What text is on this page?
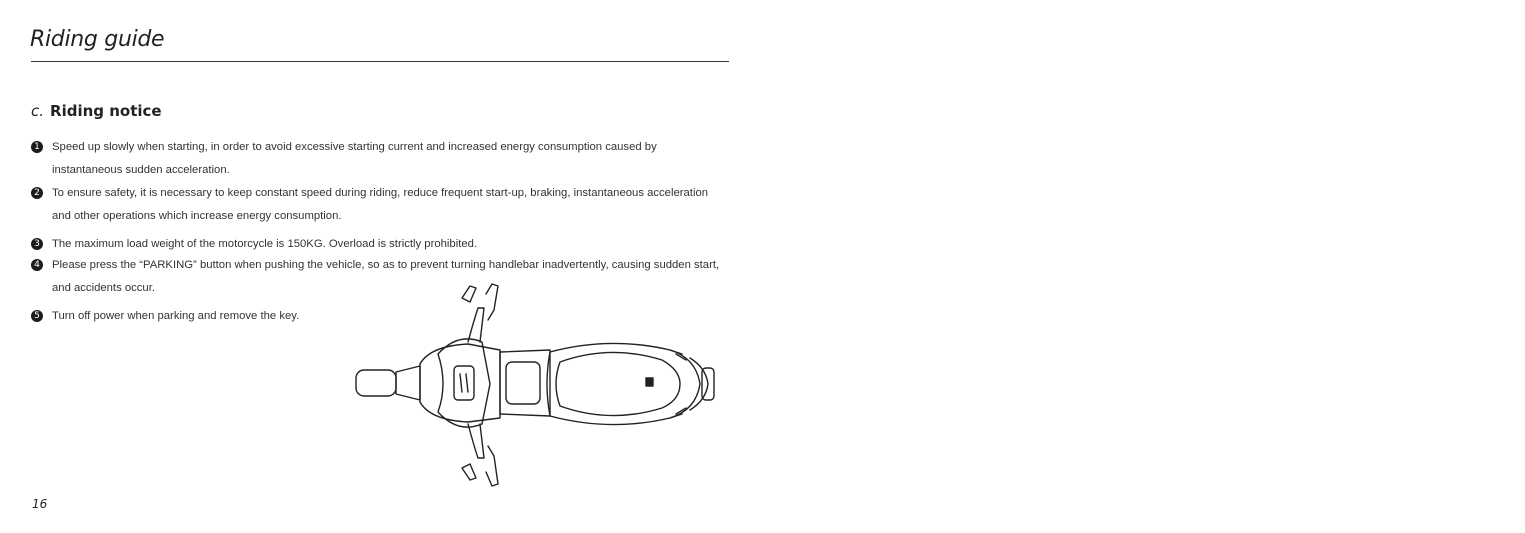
Riding guide
c. Riding notice
1	Speed up slowly when starting, in order to avoid excessive starting current and increased energy consumption caused by instantaneous sudden acceleration.
2	To ensure safety, it is necessary to keep constant speed during riding, reduce frequent start-up, braking, instantaneous acceleration and other operations which increase energy consumption.
3	The maximum load weight of the motorcycle is 150KG. Overload is strictly prohibited.
4	Please press the “PARKING” button when pushing the vehicle, so as to prevent turning handlebar inadvertently, causing sudden start, and accidents occur.
5	Turn off power when parking and remove the key.
16
